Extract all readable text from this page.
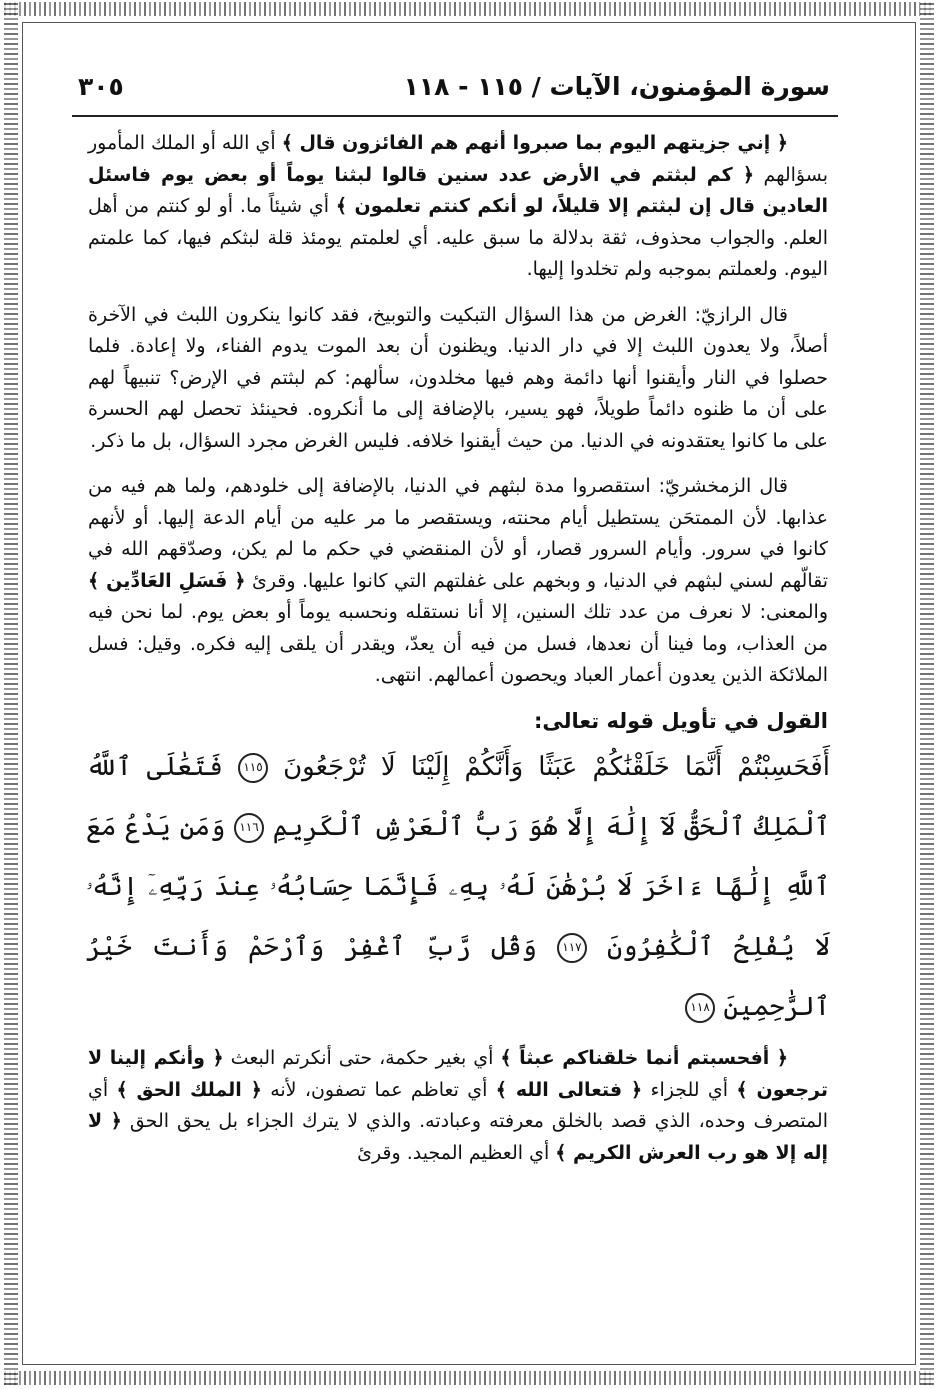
سورة المؤمنون، الآيات / ١١٥ - ١١٨
٣٠٥

﴿ إني جزيتهم اليوم بما صبروا أنهم هم الفائزون قال ﴾ أي الله أو الملك المأمور بسؤالهم ﴿ كم لبثتم في الأرض عدد سنين قالوا لبثنا يوماً أو بعض يوم فاسئل العادين قال إن لبثتم إلا قليلاً، لو أنكم كنتم تعلمون ﴾ أي شيئاً ما. أو لو كنتم من أهل العلم. والجواب محذوف، ثقة بدلالة ما سبق عليه. أي لعلمتم يومئذ قلة لبثكم فيها، كما علمتم اليوم. ولعملتم بموجبه ولم تخلدوا إليها.

قال الرازيّ: الغرض من هذا السؤال التبكيت والتوبيخ، فقد كانوا ينكرون اللبث في الآخرة أصلاً، ولا يعدون اللبث إلا في دار الدنيا. ويظنون أن بعد الموت يدوم الفناء، ولا إعادة. فلما حصلوا في النار وأيقنوا أنها دائمة وهم فيها مخلدون، سألهم: كم لبثتم في الإرض؟ تنبيهاً لهم على أن ما ظنوه دائماً طويلاً، فهو يسير، بالإضافة إلى ما أنكروه. فحينئذ تحصل لهم الحسرة على ما كانوا يعتقدونه في الدنيا. من حيث أيقنوا خلافه. فليس الغرض مجرد السؤال، بل ما ذكر.

قال الزمخشريّ: استقصروا مدة لبثهم في الدنيا، بالإضافة إلى خلودهم، ولما هم فيه من عذابها. لأن الممتحَن يستطيل أيام محنته، ويستقصر ما مر عليه من أيام الدعة إليها. أو لأنهم كانوا في سرور. وأيام السرور قصار، أو لأن المنقضي في حكم ما لم يكن، وصدّقهم الله في تقالّهم لسني لبثهم في الدنيا، و وبخهم على غفلتهم التي كانوا عليها. وقرئ ﴿ فَسَلِ العَادِّين ﴾ والمعنى: لا نعرف من عدد تلك السنين، إلا أنا نستقله ونحسبه يوماً أو بعض يوم. لما نحن فيه من العذاب، وما فينا أن نعدها، فسل من فيه أن يعدّ، ويقدر أن يلقى إليه فكره. وقيل: فسل الملائكة الذين يعدون أعمار العباد ويحصون أعمالهم. انتهى.

القول في تأويل قوله تعالى:
أَفَحَسِبْتُمْ أَنَّمَا خَلَقْنَٰكُمْ عَبَثًا وَأَنَّكُمْ إِلَيْنَا لَا تُرْجَعُونَ ١١٥ فَتَعَٰلَى ٱللَّهُ ٱلْمَلِكُ ٱلْحَقُّ لَآ إِلَٰهَ إِلَّا هُوَ رَبُّ ٱلْعَرْشِ ٱلْكَرِيمِ ١١٦ وَمَن يَدْعُ مَعَ ٱللَّهِ إِلَٰهًا ءَاخَرَ لَا بُرْهَٰنَ لَهُۥ بِهِۦ فَإِنَّمَا حِسَابُهُۥ عِندَ رَبِّهِۦٓ إِنَّهُۥ لَا يُفْلِحُ ٱلْكَٰفِرُونَ ١١٧ وَقُل رَّبِّ ٱغْفِرْ وَٱرْحَمْ وَأَنتَ خَيْرُ ٱلرَّٰحِمِينَ ١١٨

﴿ أفحسبتم أنما خلقناكم عبثاً ﴾ أي بغير حكمة، حتى أنكرتم البعث ﴿ وأنكم إلينا لا ترجعون ﴾ أي للجزاء ﴿ فتعالى الله ﴾ أي تعاظم عما تصفون، لأنه ﴿ الملك الحق ﴾ أي المتصرف وحده، الذي قصد بالخلق معرفته وعبادته. والذي لا يترك الجزاء بل يحق الحق ﴿ لا إله إلا هو رب العرش الكريم ﴾ أي العظيم المجيد. وقرئ
